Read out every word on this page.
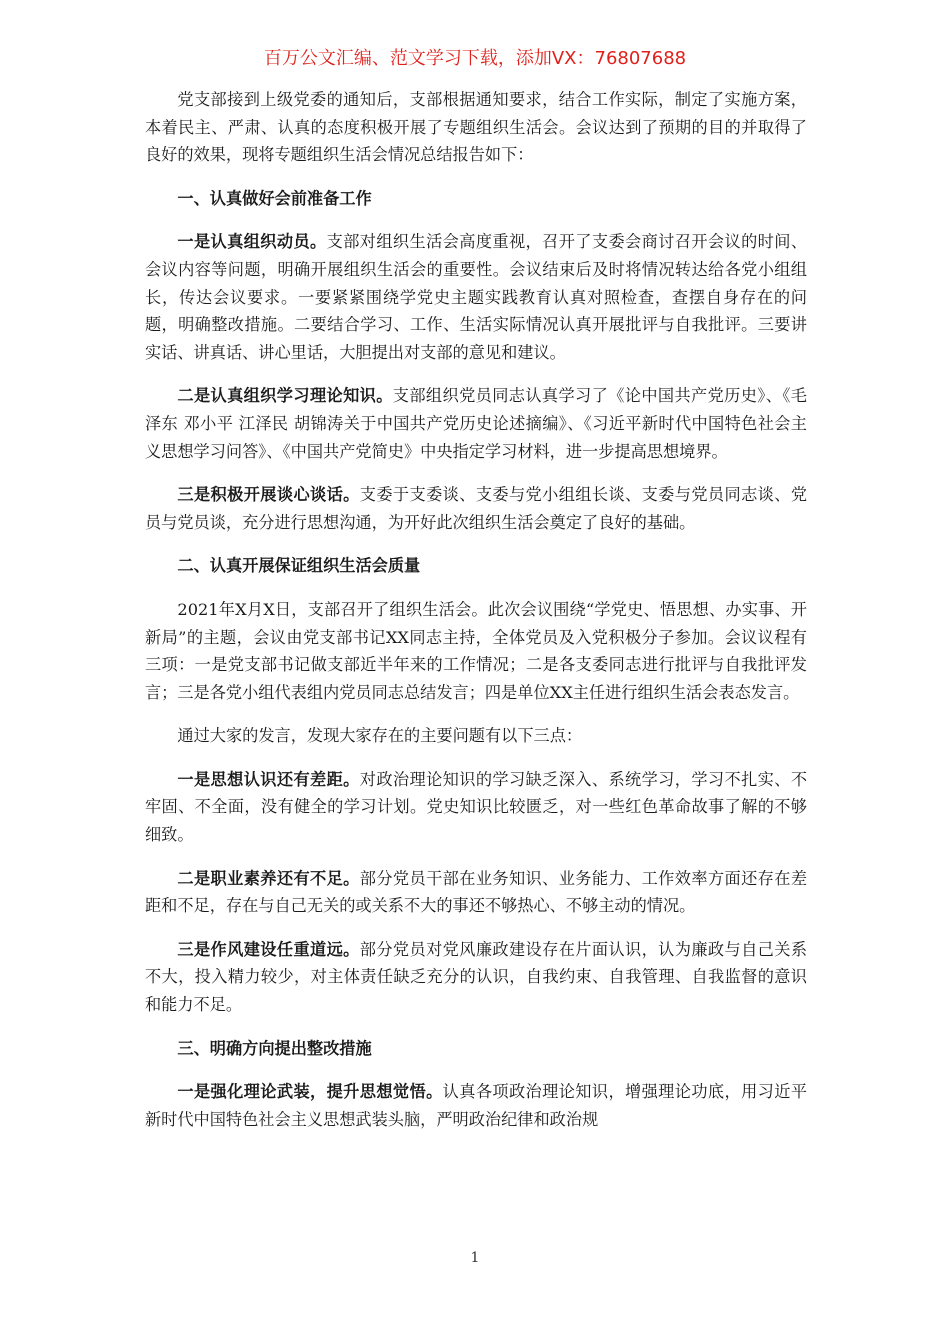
百万公文汇编、范文学习下载，添加VX：76807688

党支部接到上级党委的通知后，支部根据通知要求，结合工作实际，制定了实施方案，本着民主、严肃、认真的态度积极开展了专题组织生活会。会议达到了预期的目的并取得了良好的效果，现将专题组织生活会情况总结报告如下：

一、认真做好会前准备工作

一是认真组织动员。支部对组织生活会高度重视，召开了支委会商讨召开会议的时间、会议内容等问题，明确开展组织生活会的重要性。会议结束后及时将情况转达给各党小组组长，传达会议要求。一要紧紧围绕学党史主题实践教育认真对照检查，查摆自身存在的问题，明确整改措施。二要结合学习、工作、生活实际情况认真开展批评与自我批评。三要讲实话、讲真话、讲心里话，大胆提出对支部的意见和建议。

二是认真组织学习理论知识。支部组织党员同志认真学习了《论中国共产党历史》、《毛泽东 邓小平 江泽民 胡锦涛关于中国共产党历史论述摘编》、《习近平新时代中国特色社会主义思想学习问答》、《中国共产党简史》中央指定学习材料，进一步提高思想境界。

三是积极开展谈心谈话。支委于支委谈、支委与党小组组长谈、支委与党员同志谈、党员与党员谈，充分进行思想沟通，为开好此次组织生活会奠定了良好的基础。

二、认真开展保证组织生活会质量

2021年X月X日，支部召开了组织生活会。此次会议围绕“学党史、悟思想、办实事、开新局”的主题，会议由党支部书记XX同志主持，全体党员及入党积极分子参加。会议议程有三项：一是党支部书记做支部近半年来的工作情况；二是各支委同志进行批评与自我批评发言；三是各党小组代表组内党员同志总结发言；四是单位XX主任进行组织生活会表态发言。

通过大家的发言，发现大家存在的主要问题有以下三点：

一是思想认识还有差距。对政治理论知识的学习缺乏深入、系统学习，学习不扎实、不牢固、不全面，没有健全的学习计划。党史知识比较匮乏，对一些红色革命故事了解的不够细致。

二是职业素养还有不足。部分党员干部在业务知识、业务能力、工作效率方面还存在差距和不足，存在与自己无关的或关系不大的事还不够热心、不够主动的情况。

三是作风建设任重道远。部分党员对党风廉政建设存在片面认识，认为廉政与自己关系不大，投入精力较少，对主体责任缺乏充分的认识，自我约束、自我管理、自我监督的意识和能力不足。

三、明确方向提出整改措施

一是强化理论武装，提升思想觉悟。认真各项政治理论知识，增强理论功底，用习近平新时代中国特色社会主义思想武装头脑，严明政治纪律和政治规

1
